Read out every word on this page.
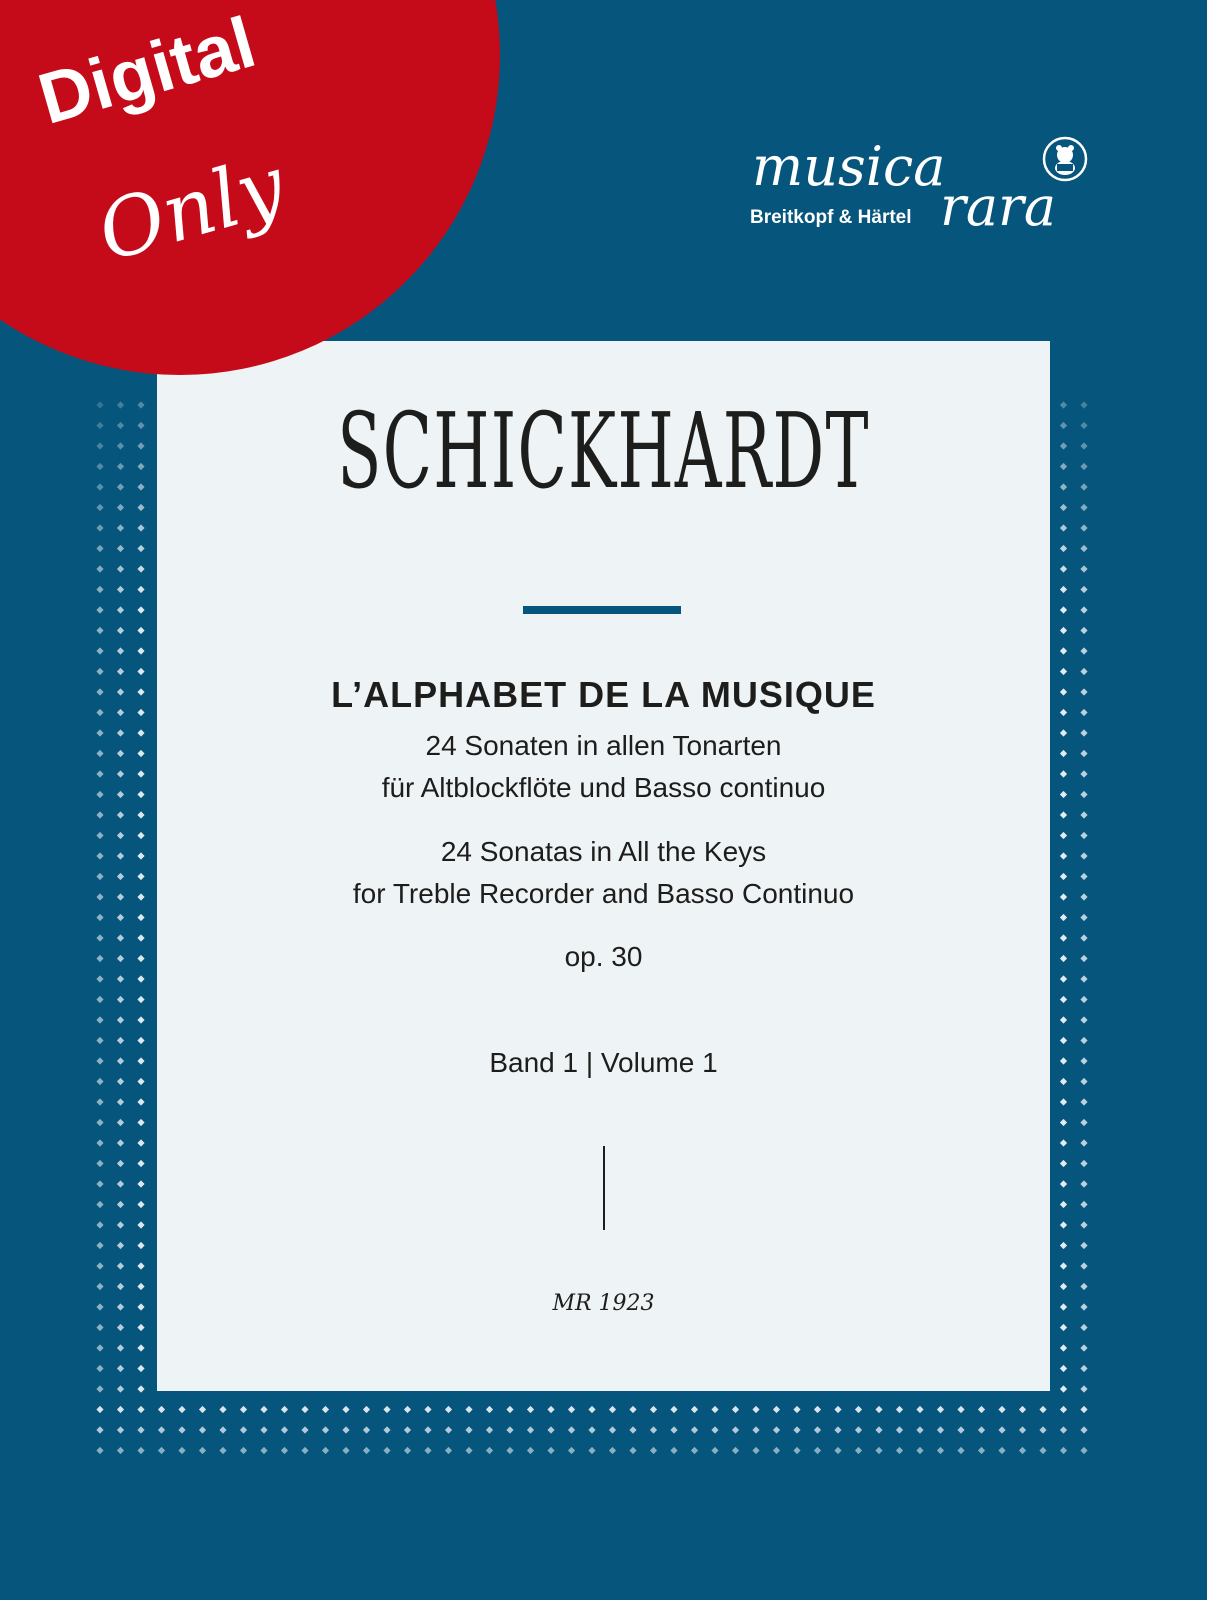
SCHICKHARDT
L’ALPHABET DE LA MUSIQUE
24 Sonaten in allen Tonarten
für Altblockflöte und Basso continuo
24 Sonatas in All the Keys
for Treble Recorder and Basso Continuo
op. 30
Band 1 | Volume 1
MR 1923
Digital
Only	musica
rara
Breitkopf & Härtel
